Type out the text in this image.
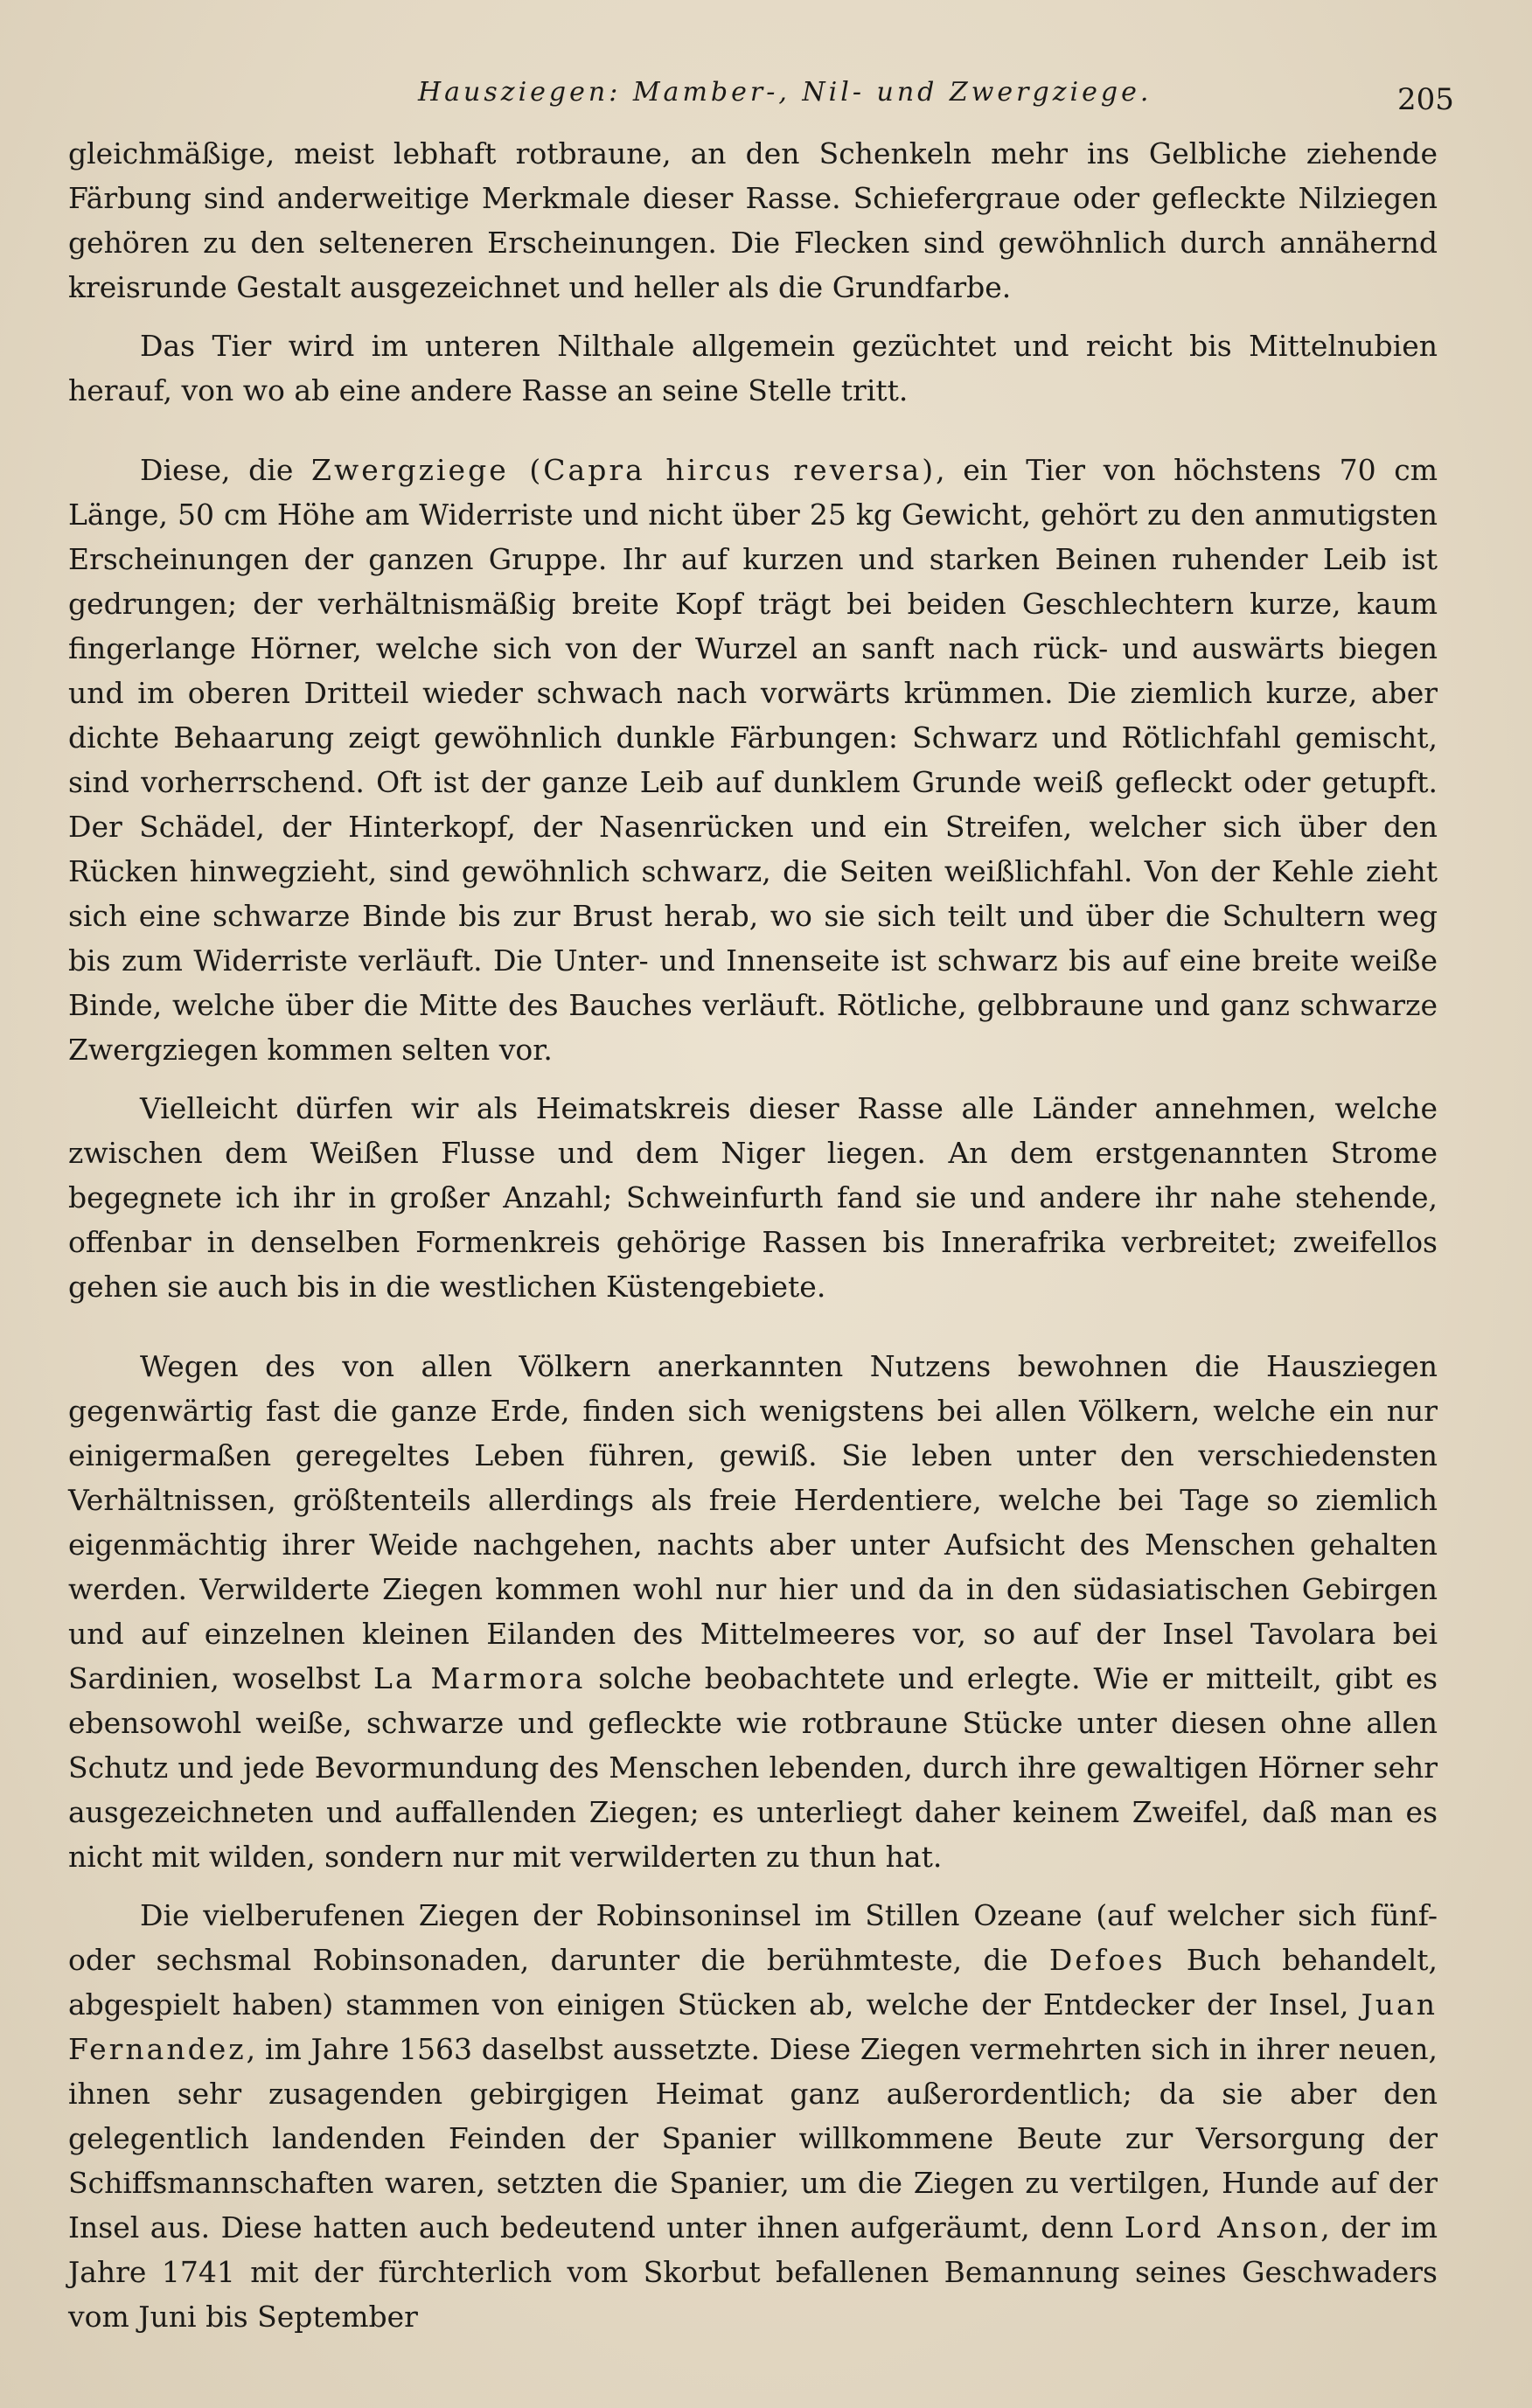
Hausziegen: Mamber-, Nil- und Zwergziege.	205

gleichmäßige, meist lebhaft rotbraune, an den Schenkeln mehr ins Gelbliche ziehende Färbung sind anderweitige Merkmale dieser Rasse. Schiefergraue oder gefleckte Nilziegen gehören zu den selteneren Erscheinungen. Die Flecken sind gewöhnlich durch annähernd kreisrunde Gestalt ausgezeichnet und heller als die Grundfarbe.

Das Tier wird im unteren Nilthale allgemein gezüchtet und reicht bis Mittelnubien herauf, von wo ab eine andere Rasse an seine Stelle tritt.

Diese, die Zwergziege (Capra hircus reversa), ein Tier von höchstens 70 cm Länge, 50 cm Höhe am Widerriste und nicht über 25 kg Gewicht, gehört zu den anmutigsten Erscheinungen der ganzen Gruppe. Ihr auf kurzen und starken Beinen ruhender Leib ist gedrungen; der verhältnismäßig breite Kopf trägt bei beiden Geschlechtern kurze, kaum fingerlange Hörner, welche sich von der Wurzel an sanft nach rück- und auswärts biegen und im oberen Dritteil wieder schwach nach vorwärts krümmen. Die ziemlich kurze, aber dichte Behaarung zeigt gewöhnlich dunkle Färbungen: Schwarz und Rötlichfahl gemischt, sind vorherrschend. Oft ist der ganze Leib auf dunklem Grunde weiß gefleckt oder getupft. Der Schädel, der Hinterkopf, der Nasenrücken und ein Streifen, welcher sich über den Rücken hinwegzieht, sind gewöhnlich schwarz, die Seiten weißlichfahl. Von der Kehle zieht sich eine schwarze Binde bis zur Brust herab, wo sie sich teilt und über die Schultern weg bis zum Widerriste verläuft. Die Unter- und Innenseite ist schwarz bis auf eine breite weiße Binde, welche über die Mitte des Bauches verläuft. Rötliche, gelbbraune und ganz schwarze Zwergziegen kommen selten vor.

Vielleicht dürfen wir als Heimatskreis dieser Rasse alle Länder annehmen, welche zwischen dem Weißen Flusse und dem Niger liegen. An dem erstgenannten Strome begegnete ich ihr in großer Anzahl; Schweinfurth fand sie und andere ihr nahe stehende, offenbar in denselben Formenkreis gehörige Rassen bis Innerafrika verbreitet; zweifellos gehen sie auch bis in die westlichen Küstengebiete.

Wegen des von allen Völkern anerkannten Nutzens bewohnen die Hausziegen gegenwärtig fast die ganze Erde, finden sich wenigstens bei allen Völkern, welche ein nur einigermaßen geregeltes Leben führen, gewiß. Sie leben unter den verschiedensten Verhältnissen, größtenteils allerdings als freie Herdentiere, welche bei Tage so ziemlich eigenmächtig ihrer Weide nachgehen, nachts aber unter Aufsicht des Menschen gehalten werden. Verwilderte Ziegen kommen wohl nur hier und da in den südasiatischen Gebirgen und auf einzelnen kleinen Eilanden des Mittelmeeres vor, so auf der Insel Tavolara bei Sardinien, woselbst La Marmora solche beobachtete und erlegte. Wie er mitteilt, gibt es ebensowohl weiße, schwarze und gefleckte wie rotbraune Stücke unter diesen ohne allen Schutz und jede Bevormundung des Menschen lebenden, durch ihre gewaltigen Hörner sehr ausgezeichneten und auffallenden Ziegen; es unterliegt daher keinem Zweifel, daß man es nicht mit wilden, sondern nur mit verwilderten zu thun hat.

Die vielberufenen Ziegen der Robinsoninsel im Stillen Ozeane (auf welcher sich fünf- oder sechsmal Robinsonaden, darunter die berühmteste, die Defoes Buch behandelt, abgespielt haben) stammen von einigen Stücken ab, welche der Entdecker der Insel, Juan Fernandez, im Jahre 1563 daselbst aussetzte. Diese Ziegen vermehrten sich in ihrer neuen, ihnen sehr zusagenden gebirgigen Heimat ganz außerordentlich; da sie aber den gelegentlich landenden Feinden der Spanier willkommene Beute zur Versorgung der Schiffsmannschaften waren, setzten die Spanier, um die Ziegen zu vertilgen, Hunde auf der Insel aus. Diese hatten auch bedeutend unter ihnen aufgeräumt, denn Lord Anson, der im Jahre 1741 mit der fürchterlich vom Skorbut befallenen Bemannung seines Geschwaders vom Juni bis September
